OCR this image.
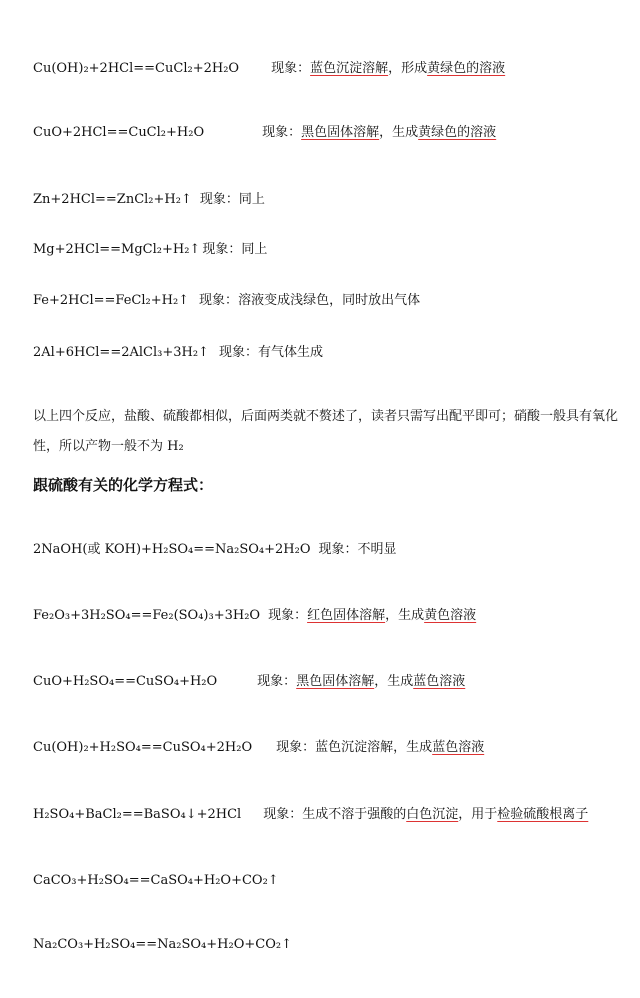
Cu(OH)₂+2HCl==CuCl₂+2H₂O 现象：蓝色沉淀溶解，形成黄绿色的溶液
CuO+2HCl==CuCl₂+H₂O	现象：黑色固体溶解，生成黄绿色的溶液
Zn+2HCl==ZnCl₂+H₂↑ 现象：同上
Mg+2HCl==MgCl₂+H₂↑ 现象：同上
Fe+2HCl==FeCl₂+H₂↑ 现象：溶液变成浅绿色，同时放出气体
2Al+6HCl==2AlCl₃+3H₂↑ 现象：有气体生成
以上四个反应，盐酸、硫酸都相似，后面两类就不赘述了，读者只需写出配平即可；硝酸一般具有氧化性，所以产物一般不为 H₂
跟硫酸有关的化学方程式：
2NaOH(或 KOH)+H₂SO₄==Na₂SO₄+2H₂O 现象：不明显
Fe₂O₃+3H₂SO₄==Fe₂(SO₄)₃+3H₂O 现象：红色固体溶解，生成黄色溶液
CuO+H₂SO₄==CuSO₄+H₂O	现象：黑色固体溶解，生成蓝色溶液
Cu(OH)₂+H₂SO₄==CuSO₄+2H₂O 现象：蓝色沉淀溶解，生成蓝色溶液
H₂SO₄+BaCl₂==BaSO₄↓+2HCl 现象：生成不溶于强酸的白色沉淀，用于检验硫酸根离子
CaCO₃+H₂SO₄==CaSO₄+H₂O+CO₂↑
Na₂CO₃+H₂SO₄==Na₂SO₄+H₂O+CO₂↑
